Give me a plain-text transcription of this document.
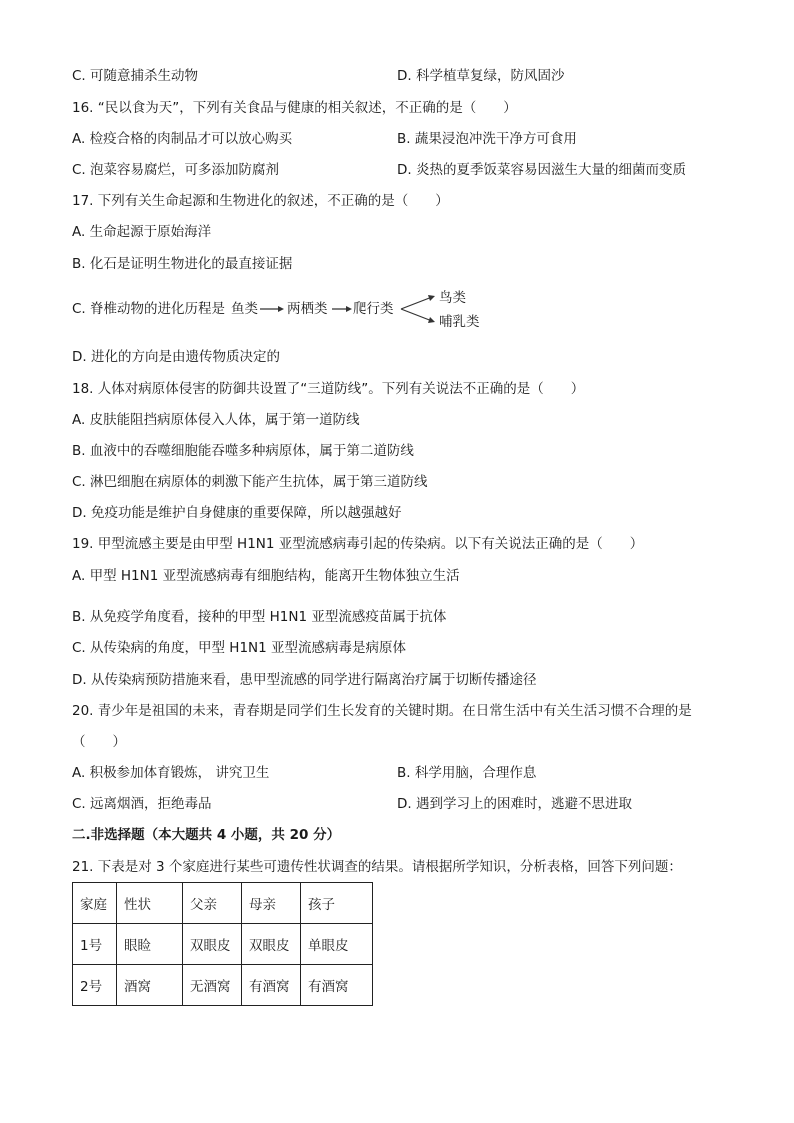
C. 可随意捕杀生动物	D. 科学植草复绿，防风固沙
16. “民以食为天”，下列有关食品与健康的相关叙述，不正确的是（　　）
A. 检疫合格的肉制品才可以放心购买	B. 蔬果浸泡冲洗干净方可食用
C. 泡菜容易腐烂，可多添加防腐剂	D. 炎热的夏季饭菜容易因滋生大量的细菌而变质
17. 下列有关生命起源和生物进化的叙述，不正确的是（　　）
A. 生命起源于原始海洋
B. 化石是证明生物进化的最直接证据
C. 脊椎动物的进化历程是 鱼类 两栖类 爬行类
鸟类
哺乳类
D. 进化的方向是由遗传物质决定的
18. 人体对病原体侵害的防御共设置了“三道防线”。下列有关说法不正确的是（　　）
A. 皮肤能阻挡病原体侵入人体，属于第一道防线
B. 血液中的吞噬细胞能吞噬多种病原体，属于第二道防线
C. 淋巴细胞在病原体的刺激下能产生抗体，属于第三道防线
D. 免疫功能是维护自身健康的重要保障，所以越强越好
19. 甲型流感主要是由甲型 H1N1 亚型流感病毒引起的传染病。以下有关说法正确的是（　　）
A. 甲型 H1N1 亚型流感病毒有细胞结构，能离开生物体独立生活
B. 从免疫学角度看，接种的甲型 H1N1 亚型流感疫苗属于抗体
C. 从传染病的角度，甲型 H1N1 亚型流感病毒是病原体
D. 从传染病预防措施来看，患甲型流感的同学进行隔离治疗属于切断传播途径
20. 青少年是祖国的未来，青春期是同学们生长发育的关键时期。在日常生活中有关生活习惯不合理的是
（　　）
A. 积极参加体育锻炼， 讲究卫生	B. 科学用脑，合理作息
C. 远离烟酒，拒绝毒品	D. 遇到学习上的困难时，逃避不思进取
二.非选择题（本大题共 4 小题，共 20 分）
21. 下表是对 3 个家庭进行某些可遗传性状调查的结果。请根据所学知识，分析表格，回答下列问题：
家庭	性状	父亲	母亲	孩子
1号	眼睑	双眼皮	双眼皮	单眼皮
2号	酒窝	无酒窝	有酒窝	有酒窝
